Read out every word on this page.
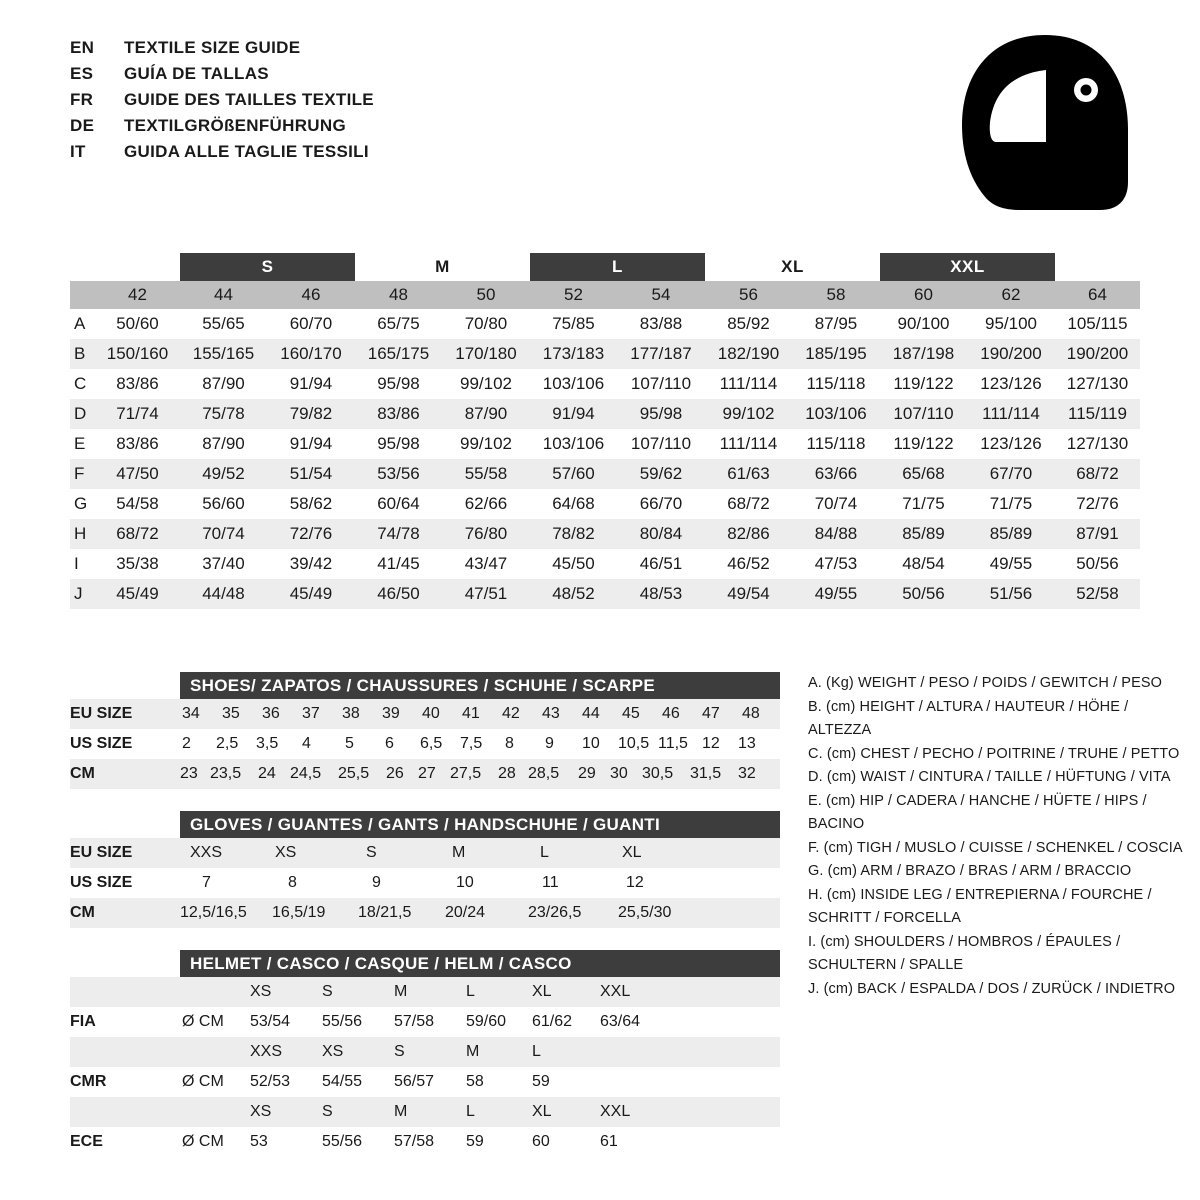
EN	TEXTILE SIZE GUIDE
ES	GUÍA DE TALLAS
FR	GUIDE DES TAILLES TEXTILE
DE	TEXTILGRÖßENFÜHRUNG
IT	GUIDA ALLE TAGLIE TESSILI
S	M	L	XL	XXL
42	44	46	48	50	52	54	56	58	60	62	64
A	50/60	55/65	60/70	65/75	70/80	75/85	83/88	85/92	87/95	90/100	95/100	105/115
B	150/160	155/165	160/170	165/175	170/180	173/183	177/187	182/190	185/195	187/198	190/200	190/200
C	83/86	87/90	91/94	95/98	99/102	103/106	107/110	111/114	115/118	119/122	123/126	127/130
D	71/74	75/78	79/82	83/86	87/90	91/94	95/98	99/102	103/106	107/110	111/114	115/119
E	83/86	87/90	91/94	95/98	99/102	103/106	107/110	111/114	115/118	119/122	123/126	127/130
F	47/50	49/52	51/54	53/56	55/58	57/60	59/62	61/63	63/66	65/68	67/70	68/72
G	54/58	56/60	58/62	60/64	62/66	64/68	66/70	68/72	70/74	71/75	71/75	72/76
H	68/72	70/74	72/76	74/78	76/80	78/82	80/84	82/86	84/88	85/89	85/89	87/91
I	35/38	37/40	39/42	41/45	43/47	45/50	46/51	46/52	47/53	48/54	49/55	50/56
J	45/49	44/48	45/49	46/50	47/51	48/52	48/53	49/54	49/55	50/56	51/56	52/58
SHOES/ ZAPATOS / CHAUSSURES / SCHUHE / SCARPE
EU SIZE	34 35 36 37 38 39 40 41 42 43 44 45 46 47 48
US SIZE	2 2,5 3,5 4 5 6 6,5 7,5 8 9 10 10,5 11,5 12 13
CM	23 23,5 24 24,5 25,5 26 27 27,5 28 28,5 29 30 30,5 31,5 32
GLOVES / GUANTES / GANTS / HANDSCHUHE / GUANTI
EU SIZE	XXS	XS	S	M	L	XL
US SIZE	7	8	9	10	11	12
CM	12,5/16,5 16,5/19 18/21,5 20/24	23/26,5 25,5/30
HELMET / CASCO / CASQUE / HELM / CASCO
XS	S	M	L	XL	XXL
FIA	Ø CM 53/54 55/56 57/58 59/60 61/62 63/64
XXS XS	S	M	L
CMR	Ø CM 52/53 54/55 56/57 58	59
XS	S	M	L	XL	XXL
ECE	Ø CM 53	55/56 57/58 59	60	61
A. (Kg) WEIGHT / PESO / POIDS / GEWITCH / PESO
B. (cm) HEIGHT / ALTURA / HAUTEUR / HÖHE / ALTEZZA
C. (cm) CHEST / PECHO / POITRINE / TRUHE / PETTO
D. (cm) WAIST / CINTURA / TAILLE / HÜFTUNG / VITA
E. (cm) HIP / CADERA / HANCHE / HÜFTE / HIPS / BACINO
F. (cm) TIGH / MUSLO / CUISSE / SCHENKEL / COSCIA
G. (cm) ARM / BRAZO / BRAS / ARM / BRACCIO
H. (cm) INSIDE LEG / ENTREPIERNA / FOURCHE /
SCHRITT / FORCELLA
I. (cm) SHOULDERS / HOMBROS / ÉPAULES /
SCHULTERN / SPALLE
J. (cm) BACK / ESPALDA / DOS / ZURÜCK / INDIETRO
